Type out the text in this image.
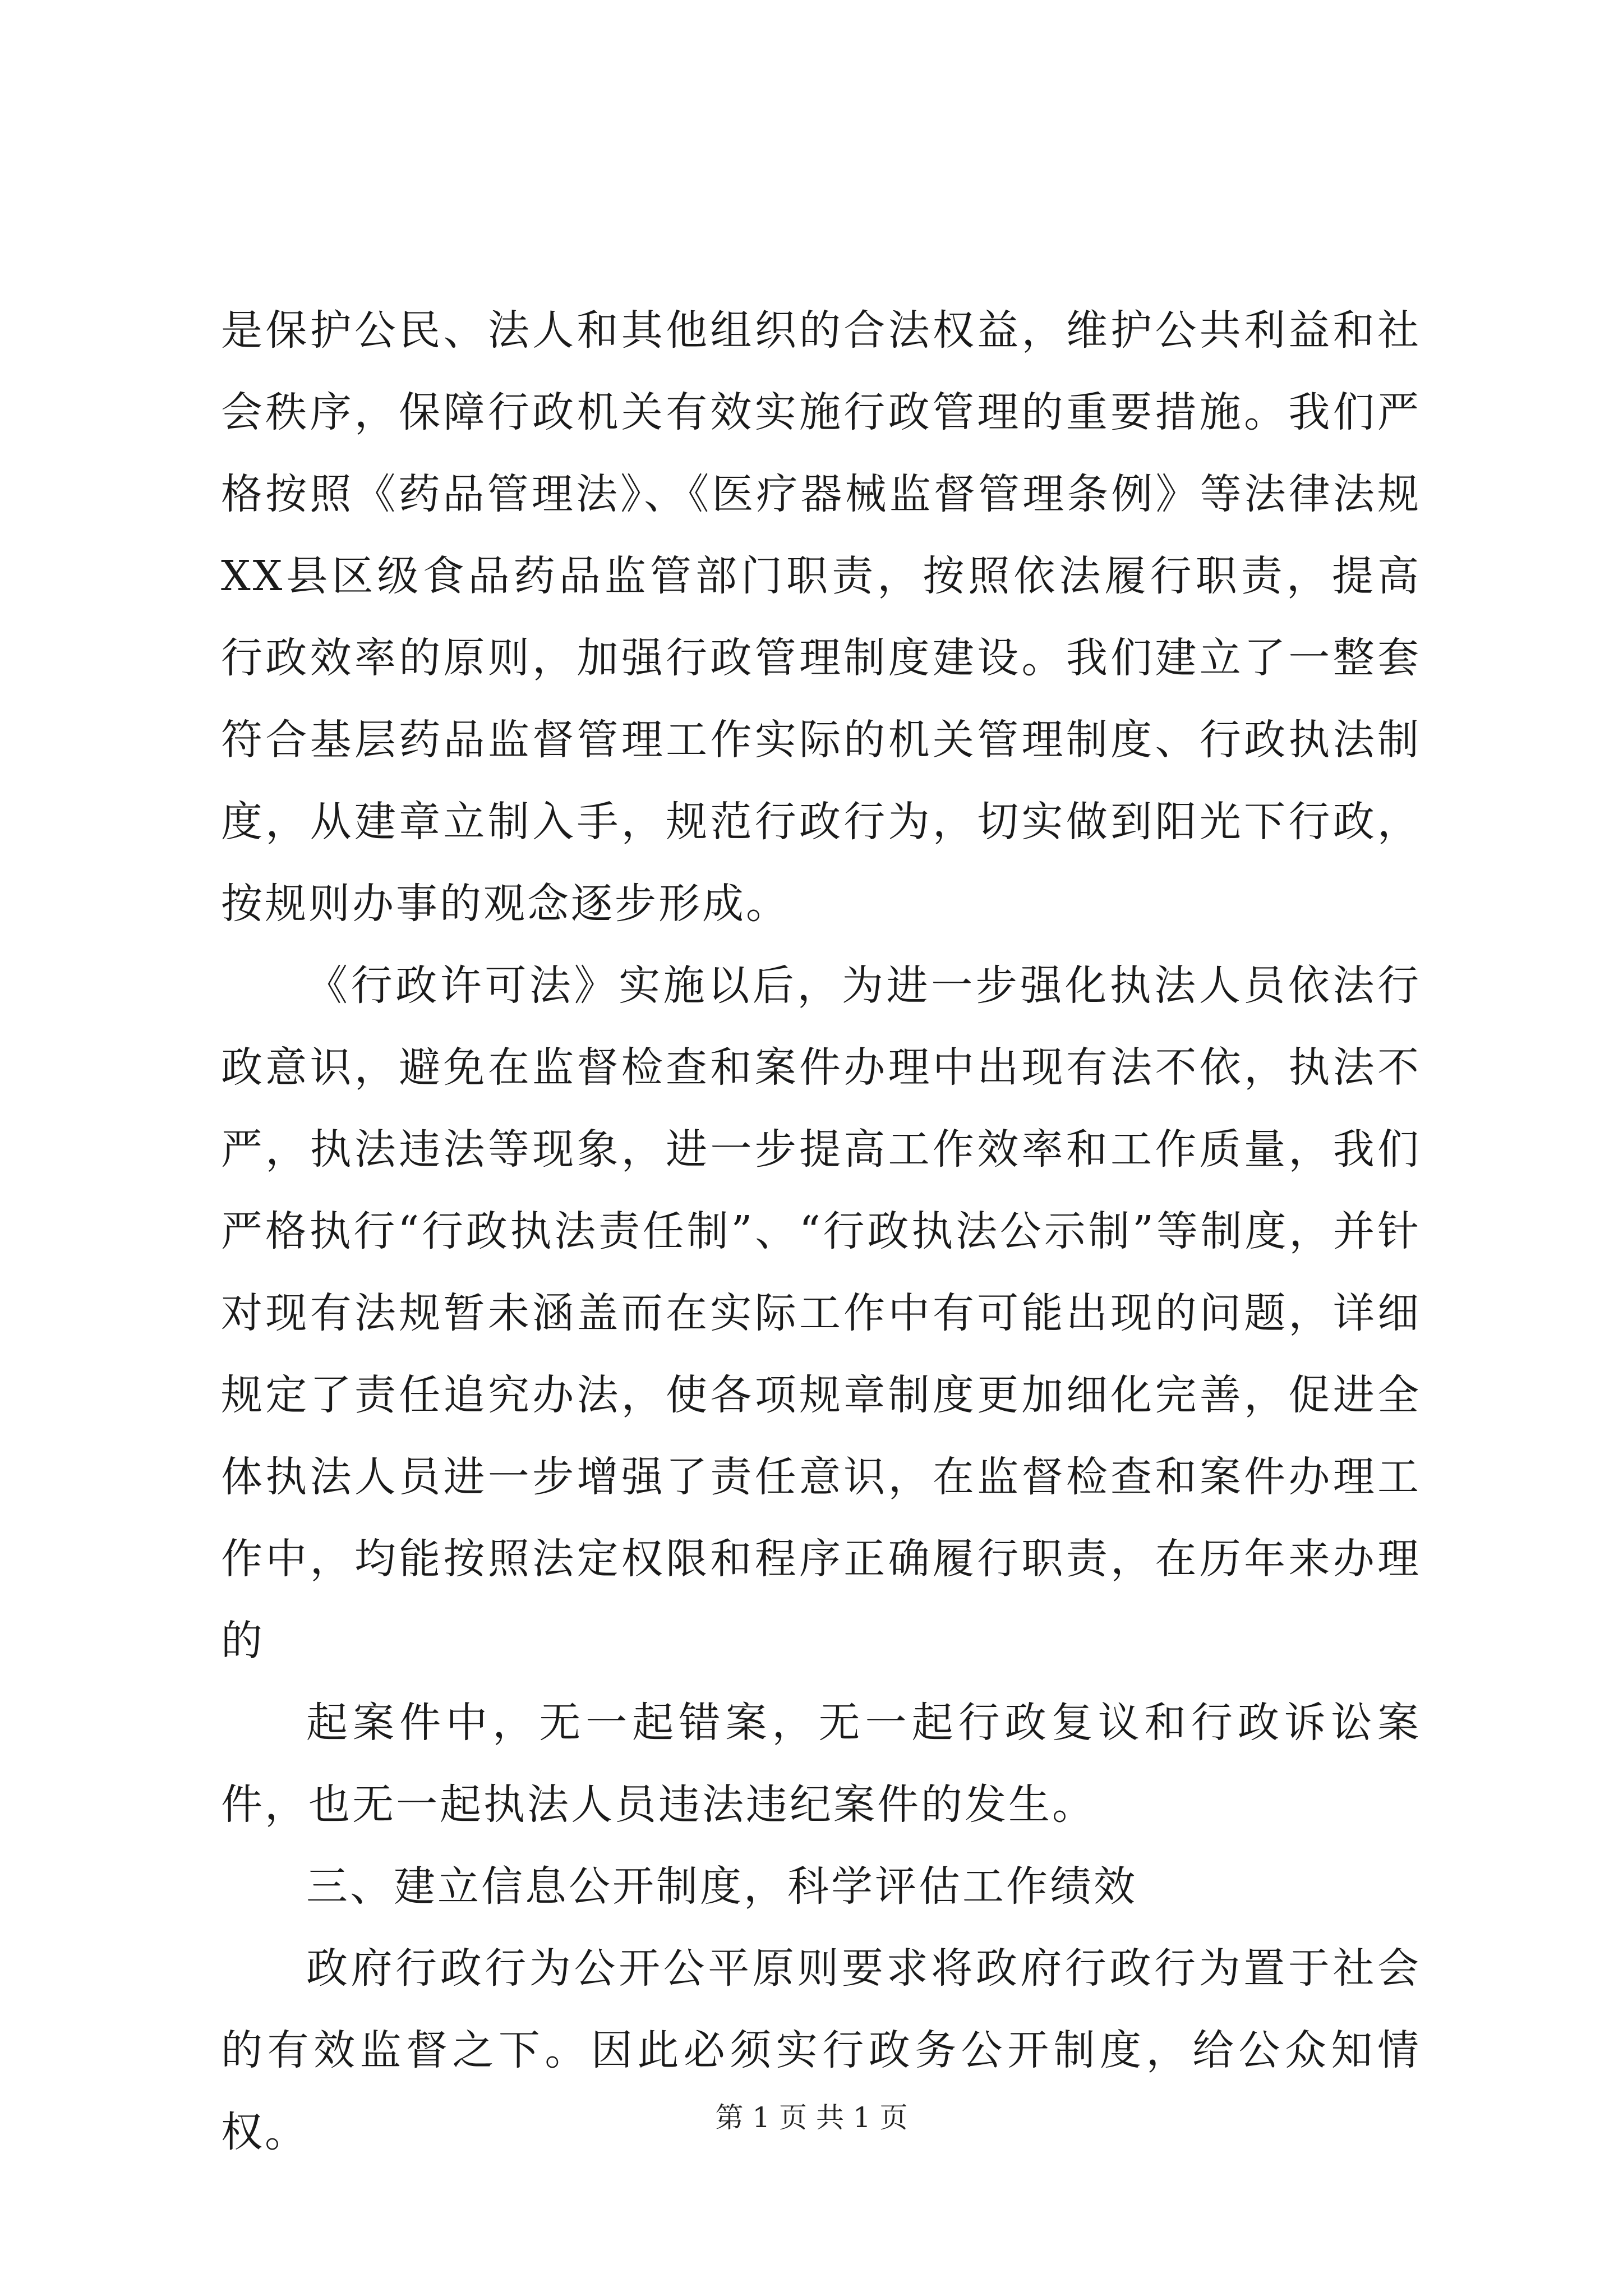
是保护公民、法人和其他组织的合法权益，维护公共利益和社会秩序，保障行政机关有效实施行政管理的重要措施。我们严格按照《药品管理法》、《医疗器械监督管理条例》等法律法规XX县区级食品药品监管部门职责，按照依法履行职责，提高行政效率的原则，加强行政管理制度建设。我们建立了一整套符合基层药品监督管理工作实际的机关管理制度、行政执法制度，从建章立制入手，规范行政行为，切实做到阳光下行政，按规则办事的观念逐步形成。

《行政许可法》实施以后，为进一步强化执法人员依法行政意识，避免在监督检查和案件办理中出现有法不依，执法不严，执法违法等现象，进一步提高工作效率和工作质量，我们严格执行“行政执法责任制”、“行政执法公示制”等制度，并针对现有法规暂未涵盖而在实际工作中有可能出现的问题，详细规定了责任追究办法，使各项规章制度更加细化完善，促进全体执法人员进一步增强了责任意识，在监督检查和案件办理工作中，均能按照法定权限和程序正确履行职责，在历年来办理的

起案件中，无一起错案，无一起行政复议和行政诉讼案件，也无一起执法人员违法违纪案件的发生。

三、建立信息公开制度，科学评估工作绩效

政府行政行为公开公平原则要求将政府行政行为置于社会的有效监督之下。因此必须实行政务公开制度，给公众知情权。	第 1 页 共 1 页
